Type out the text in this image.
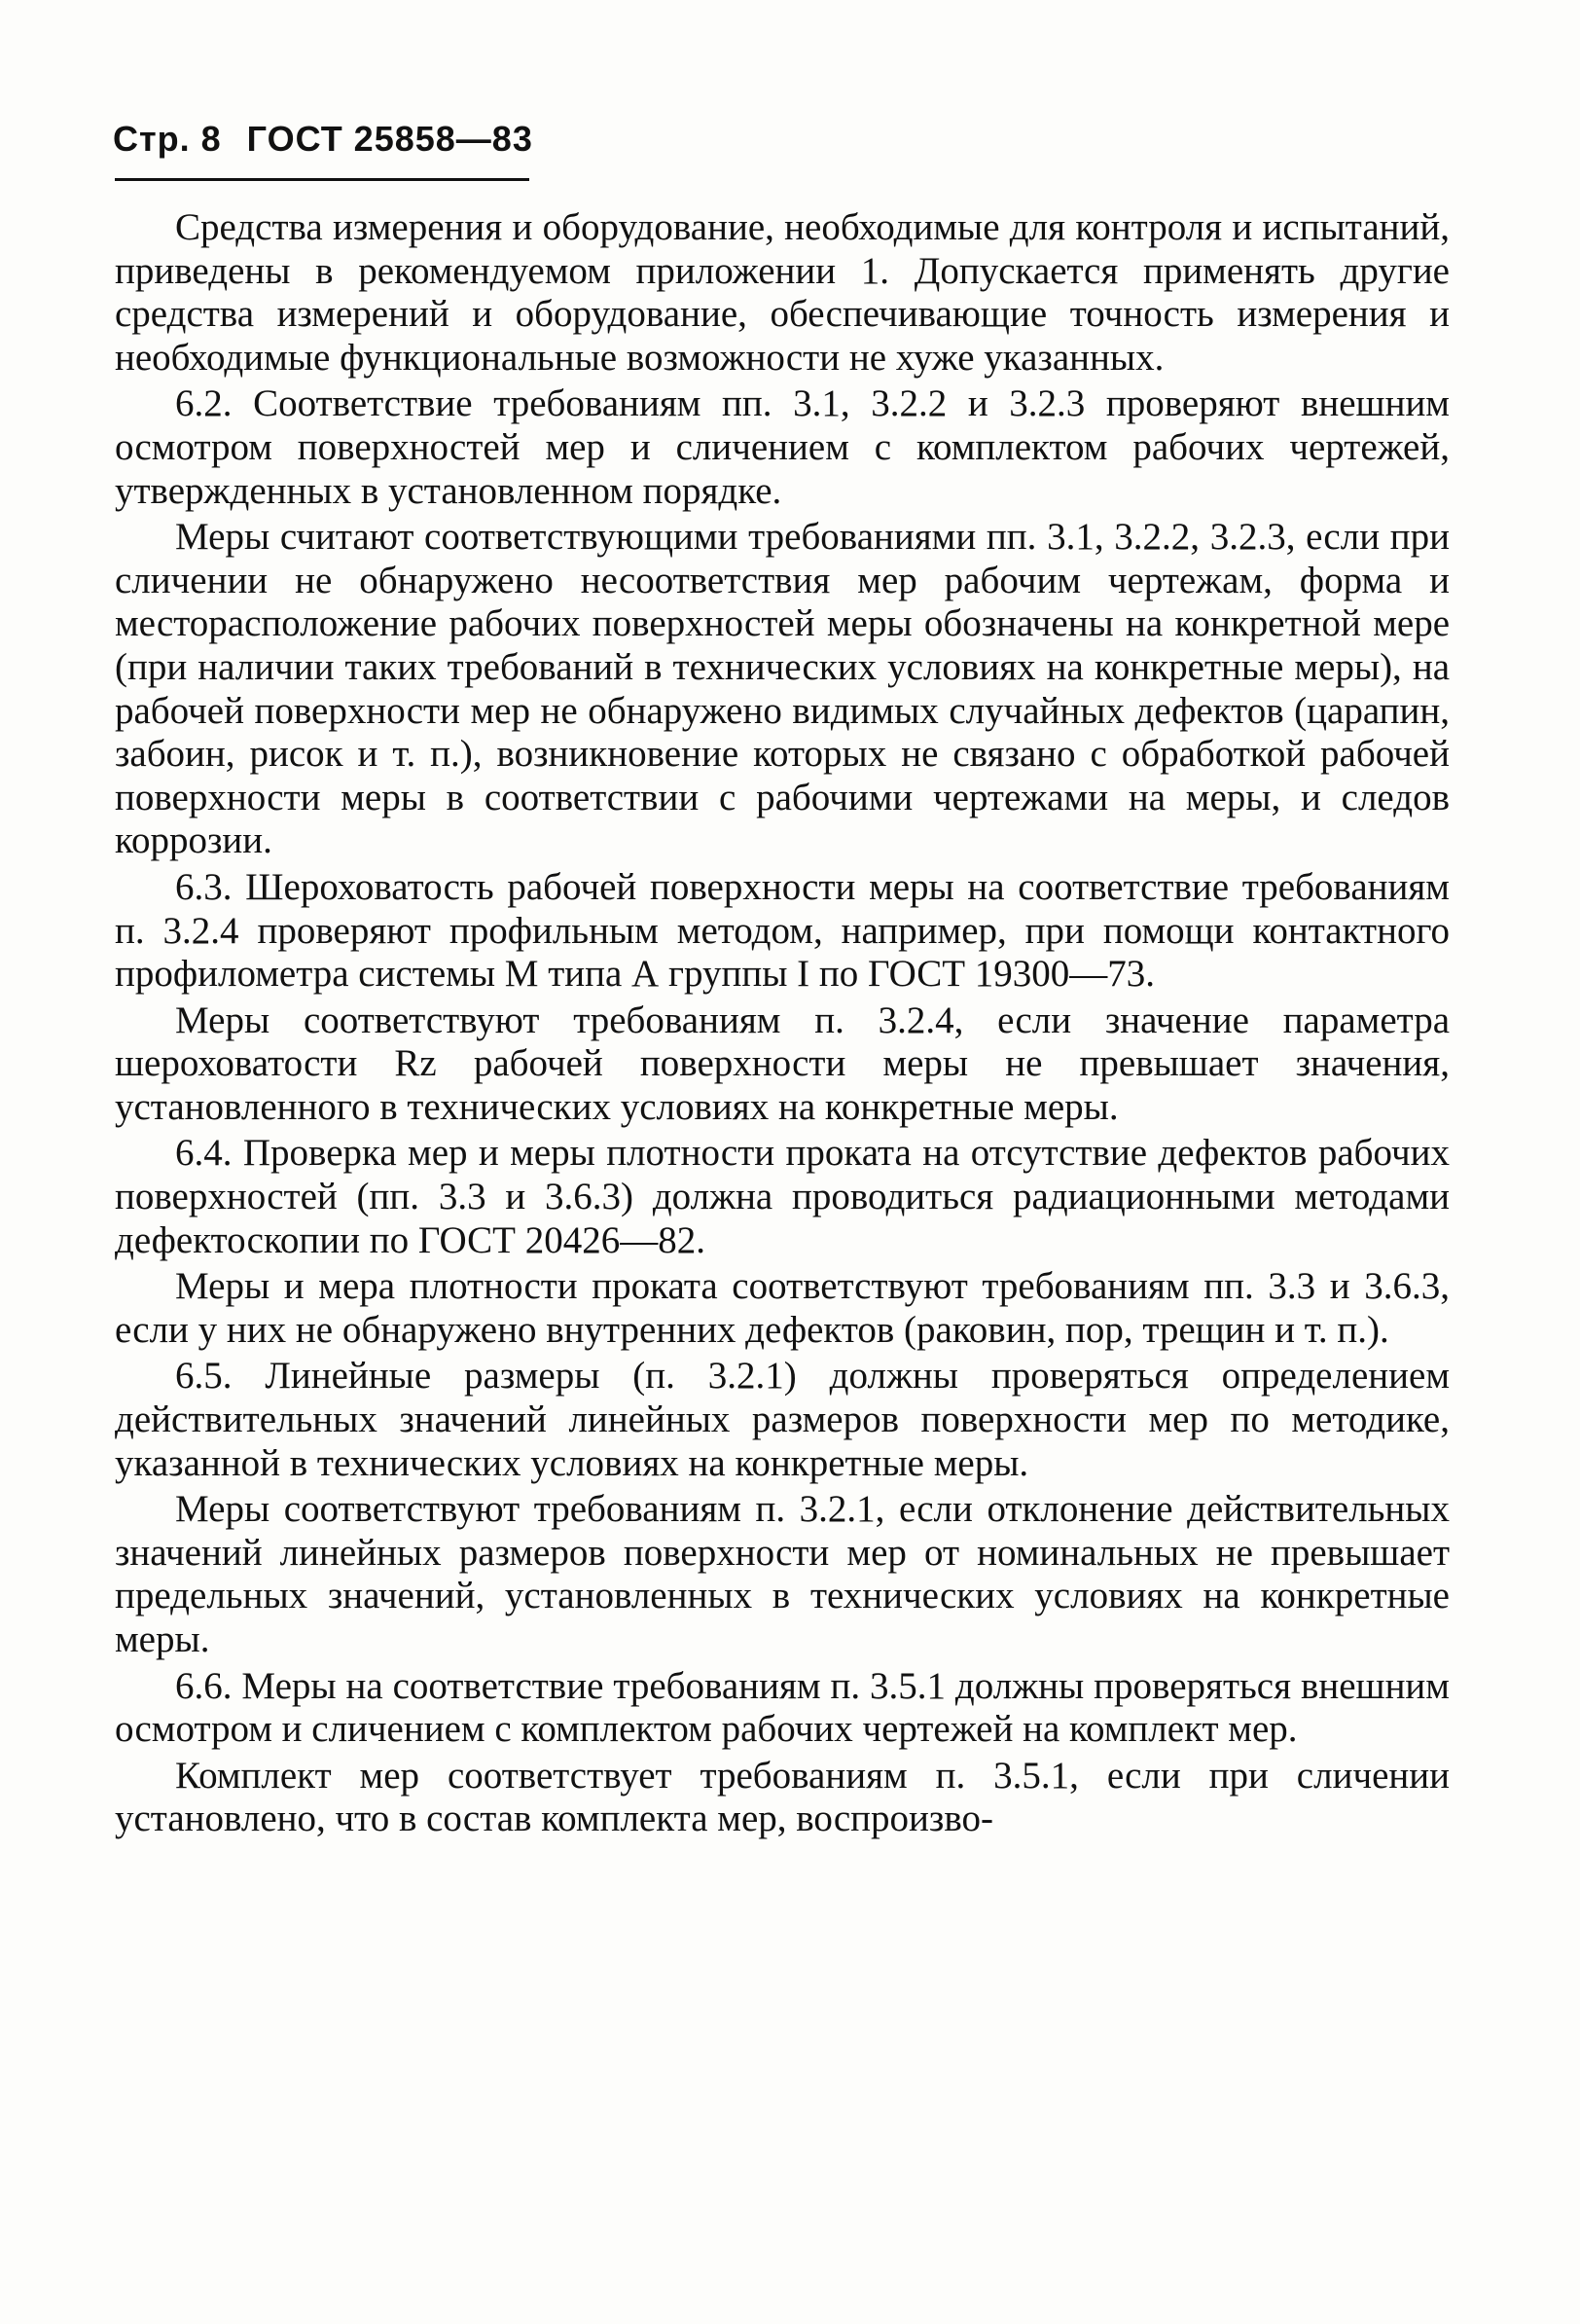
Стр. 8 ГОСТ 25858—83

Средства измерения и оборудование, необходимые для контроля и испытаний, приведены в рекомендуемом приложении 1. Допускается применять другие средства измерений и оборудование, обеспечивающие точность измерения и необходимые функциональные возможности не хуже указанных.

6.2. Соответствие требованиям пп. 3.1, 3.2.2 и 3.2.3 проверяют внешним осмотром поверхностей мер и сличением с комплектом рабочих чертежей, утвержденных в установленном порядке.

Меры считают соответствующими требованиями пп. 3.1, 3.2.2, 3.2.3, если при сличении не обнаружено несоответствия мер рабочим чертежам, форма и месторасположение рабочих поверхностей меры обозначены на конкретной мере (при наличии таких требований в технических условиях на конкретные меры), на рабочей поверхности мер не обнаружено видимых случайных дефектов (царапин, забоин, рисок и т. п.), возникновение которых не связано с обработкой рабочей поверхности меры в соответствии с рабочими чертежами на меры, и следов коррозии.

6.3. Шероховатость рабочей поверхности меры на соответствие требованиям п. 3.2.4 проверяют профильным методом, например, при помощи контактного профилометра системы М типа А группы I по ГОСТ 19300—73.

Меры соответствуют требованиям п. 3.2.4, если значение параметра шероховатости Rz рабочей поверхности меры не превышает значения, установленного в технических условиях на конкретные меры.

6.4. Проверка мер и меры плотности проката на отсутствие дефектов рабочих поверхностей (пп. 3.3 и 3.6.3) должна проводиться радиационными методами дефектоскопии по ГОСТ 20426—82.

Меры и мера плотности проката соответствуют требованиям пп. 3.3 и 3.6.3, если у них не обнаружено внутренних дефектов (раковин, пор, трещин и т. п.).

6.5. Линейные размеры (п. 3.2.1) должны проверяться определением действительных значений линейных размеров поверхности мер по методике, указанной в технических условиях на конкретные меры.

Меры соответствуют требованиям п. 3.2.1, если отклонение действительных значений линейных размеров поверхности мер от номинальных не превышает предельных значений, установленных в технических условиях на конкретные меры.

6.6. Меры на соответствие требованиям п. 3.5.1 должны проверяться внешним осмотром и сличением с комплектом рабочих чертежей на комплект мер.

Комплект мер соответствует требованиям п. 3.5.1, если при сличении установлено, что в состав комплекта мер, воспроизво-
